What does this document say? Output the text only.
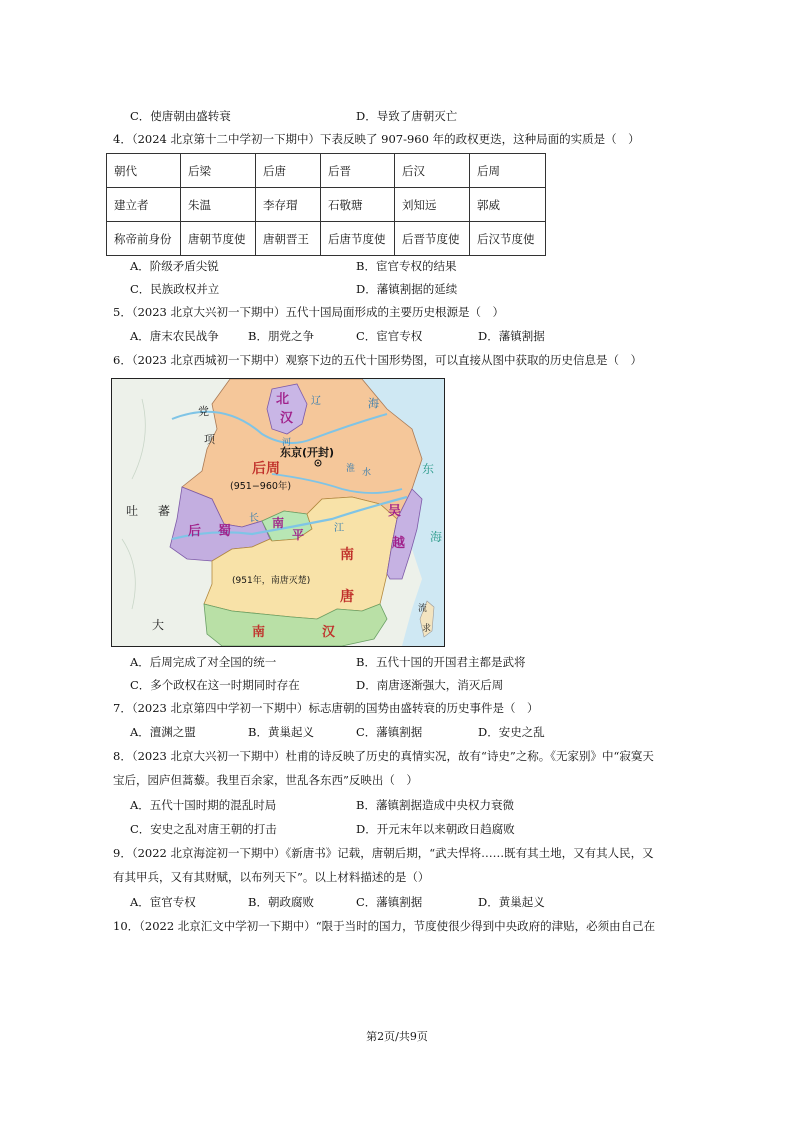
C．使唐朝由盛转衰	D．导致了唐朝灭亡
4．（2024 北京第十二中学初一下期中）下表反映了 907-960 年的政权更迭，这种局面的实质是（　）
朝代	后梁	后唐	后晋	后汉	后周
建立者	朱温	李存瑁	石敬瑭	刘知远	郭威
称帝前身份	唐朝节度使	唐朝晋王	后唐节度使	后晋节度使	后汉节度使
A．阶级矛盾尖锐	B．宦官专权的结果
C．民族政权并立	D．藩镇割据的延续
5．（2023 北京大兴初一下期中）五代十国局面形成的主要历史根源是（　）
A．唐末农民战争	B．朋党之争	C．宦官专权	D．藩镇割据
6．（2023 北京西城初一下期中）观察下边的五代十国形势图，可以直接从图中获取的历史信息是（　）
党
项
北
汉
辽
河
东京(开封)
后周
(951−960年)
淮 水
吐 蕃
后 蜀
长
江
南
平
吴
越
南
唐
(951年，南唐灭楚)
南	汉
大
海
东
海
流
求
A．后周完成了对全国的统一	B．五代十国的开国君主都是武将
C．多个政权在这一时期同时存在	D．南唐逐渐强大，消灭后周
7．（2023 北京第四中学初一下期中）标志唐朝的国势由盛转衰的历史事件是（　）
A．澶渊之盟	B．黄巢起义	C．藩镇割据	D．安史之乱
8．（2023 北京大兴初一下期中）杜甫的诗反映了历史的真情实况，故有“诗史”之称。《无家别》中“寂寞天
宝后，园庐但蒿藜。我里百余家，世乱各东西”反映出（　）
A．五代十国时期的混乱时局	B．藩镇割据造成中央权力衰微
C．安史之乱对唐王朝的打击	D．开元末年以来朝政日趋腐败
9．（2022 北京海淀初一下期中）《新唐书》记载，唐朝后期，“武夫悍将……既有其土地，又有其人民，又
有其甲兵，又有其财赋，以布列天下”。以上材料描述的是（）
A．宦官专权	B．朝政腐败	C．藩镇割据	D．黄巢起义
10．（2022 北京汇文中学初一下期中）“限于当时的国力，节度使很少得到中央政府的津贴，必须由自己在
第2页/共9页
